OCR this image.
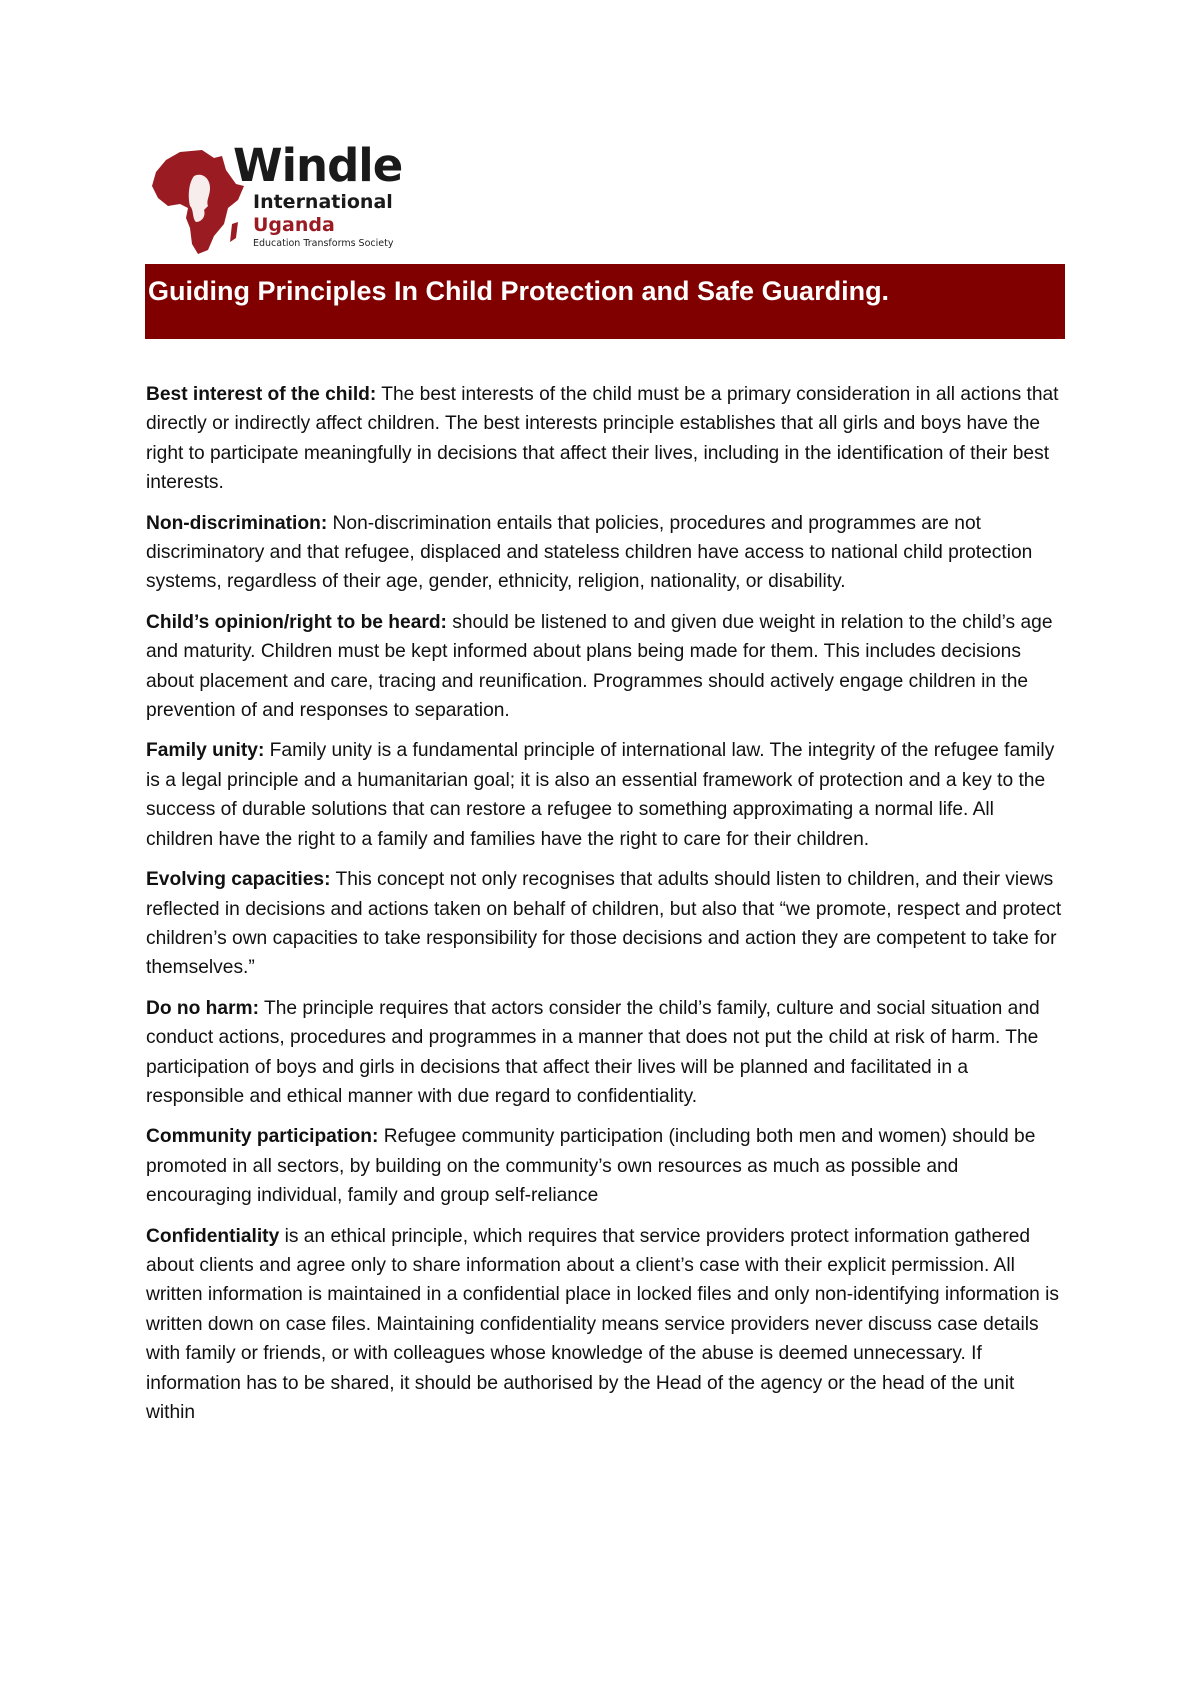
Windle
International
Uganda
Education Transforms Society
Guiding Principles In Child Protection and Safe Guarding.

Best interest of the child: The best interests of the child must be a primary consideration in all actions that directly or indirectly affect children. The best interests principle establishes that all girls and boys have the right to participate meaningfully in decisions that affect their lives, including in the identification of their best interests.

Non-discrimination: Non-discrimination entails that policies, procedures and programmes are not discriminatory and that refugee, displaced and stateless children have access to national child protection systems, regardless of their age, gender, ethnicity, religion, nationality, or disability.

Child’s opinion/right to be heard: should be listened to and given due weight in relation to the child’s age and maturity. Children must be kept informed about plans being made for them. This includes decisions about placement and care, tracing and reunification. Programmes should actively engage children in the prevention of and responses to separation.

Family unity: Family unity is a fundamental principle of international law. The integrity of the refugee family is a legal principle and a humanitarian goal; it is also an essential framework of protection and a key to the success of durable solutions that can restore a refugee to something approximating a normal life. All children have the right to a family and families have the right to care for their children.

Evolving capacities: This concept not only recognises that adults should listen to children, and their views reflected in decisions and actions taken on behalf of children, but also that “we promote, respect and protect children’s own capacities to take responsibility for those decisions and action they are competent to take for themselves.”

Do no harm: The principle requires that actors consider the child’s family, culture and social situation and conduct actions, procedures and programmes in a manner that does not put the child at risk of harm. The participation of boys and girls in decisions that affect their lives will be planned and facilitated in a responsible and ethical manner with due regard to confidentiality.

Community participation: Refugee community participation (including both men and women) should be promoted in all sectors, by building on the community’s own resources as much as possible and encouraging individual, family and group self-reliance

Confidentiality is an ethical principle, which requires that service providers protect information gathered about clients and agree only to share information about a client’s case with their explicit permission. All written information is maintained in a confidential place in locked files and only non-identifying information is written down on case files. Maintaining confidentiality means service providers never discuss case details with family or friends, or with colleagues whose knowledge of the abuse is deemed unnecessary. If information has to be shared, it should be authorised by the Head of the agency or the head of the unit within
